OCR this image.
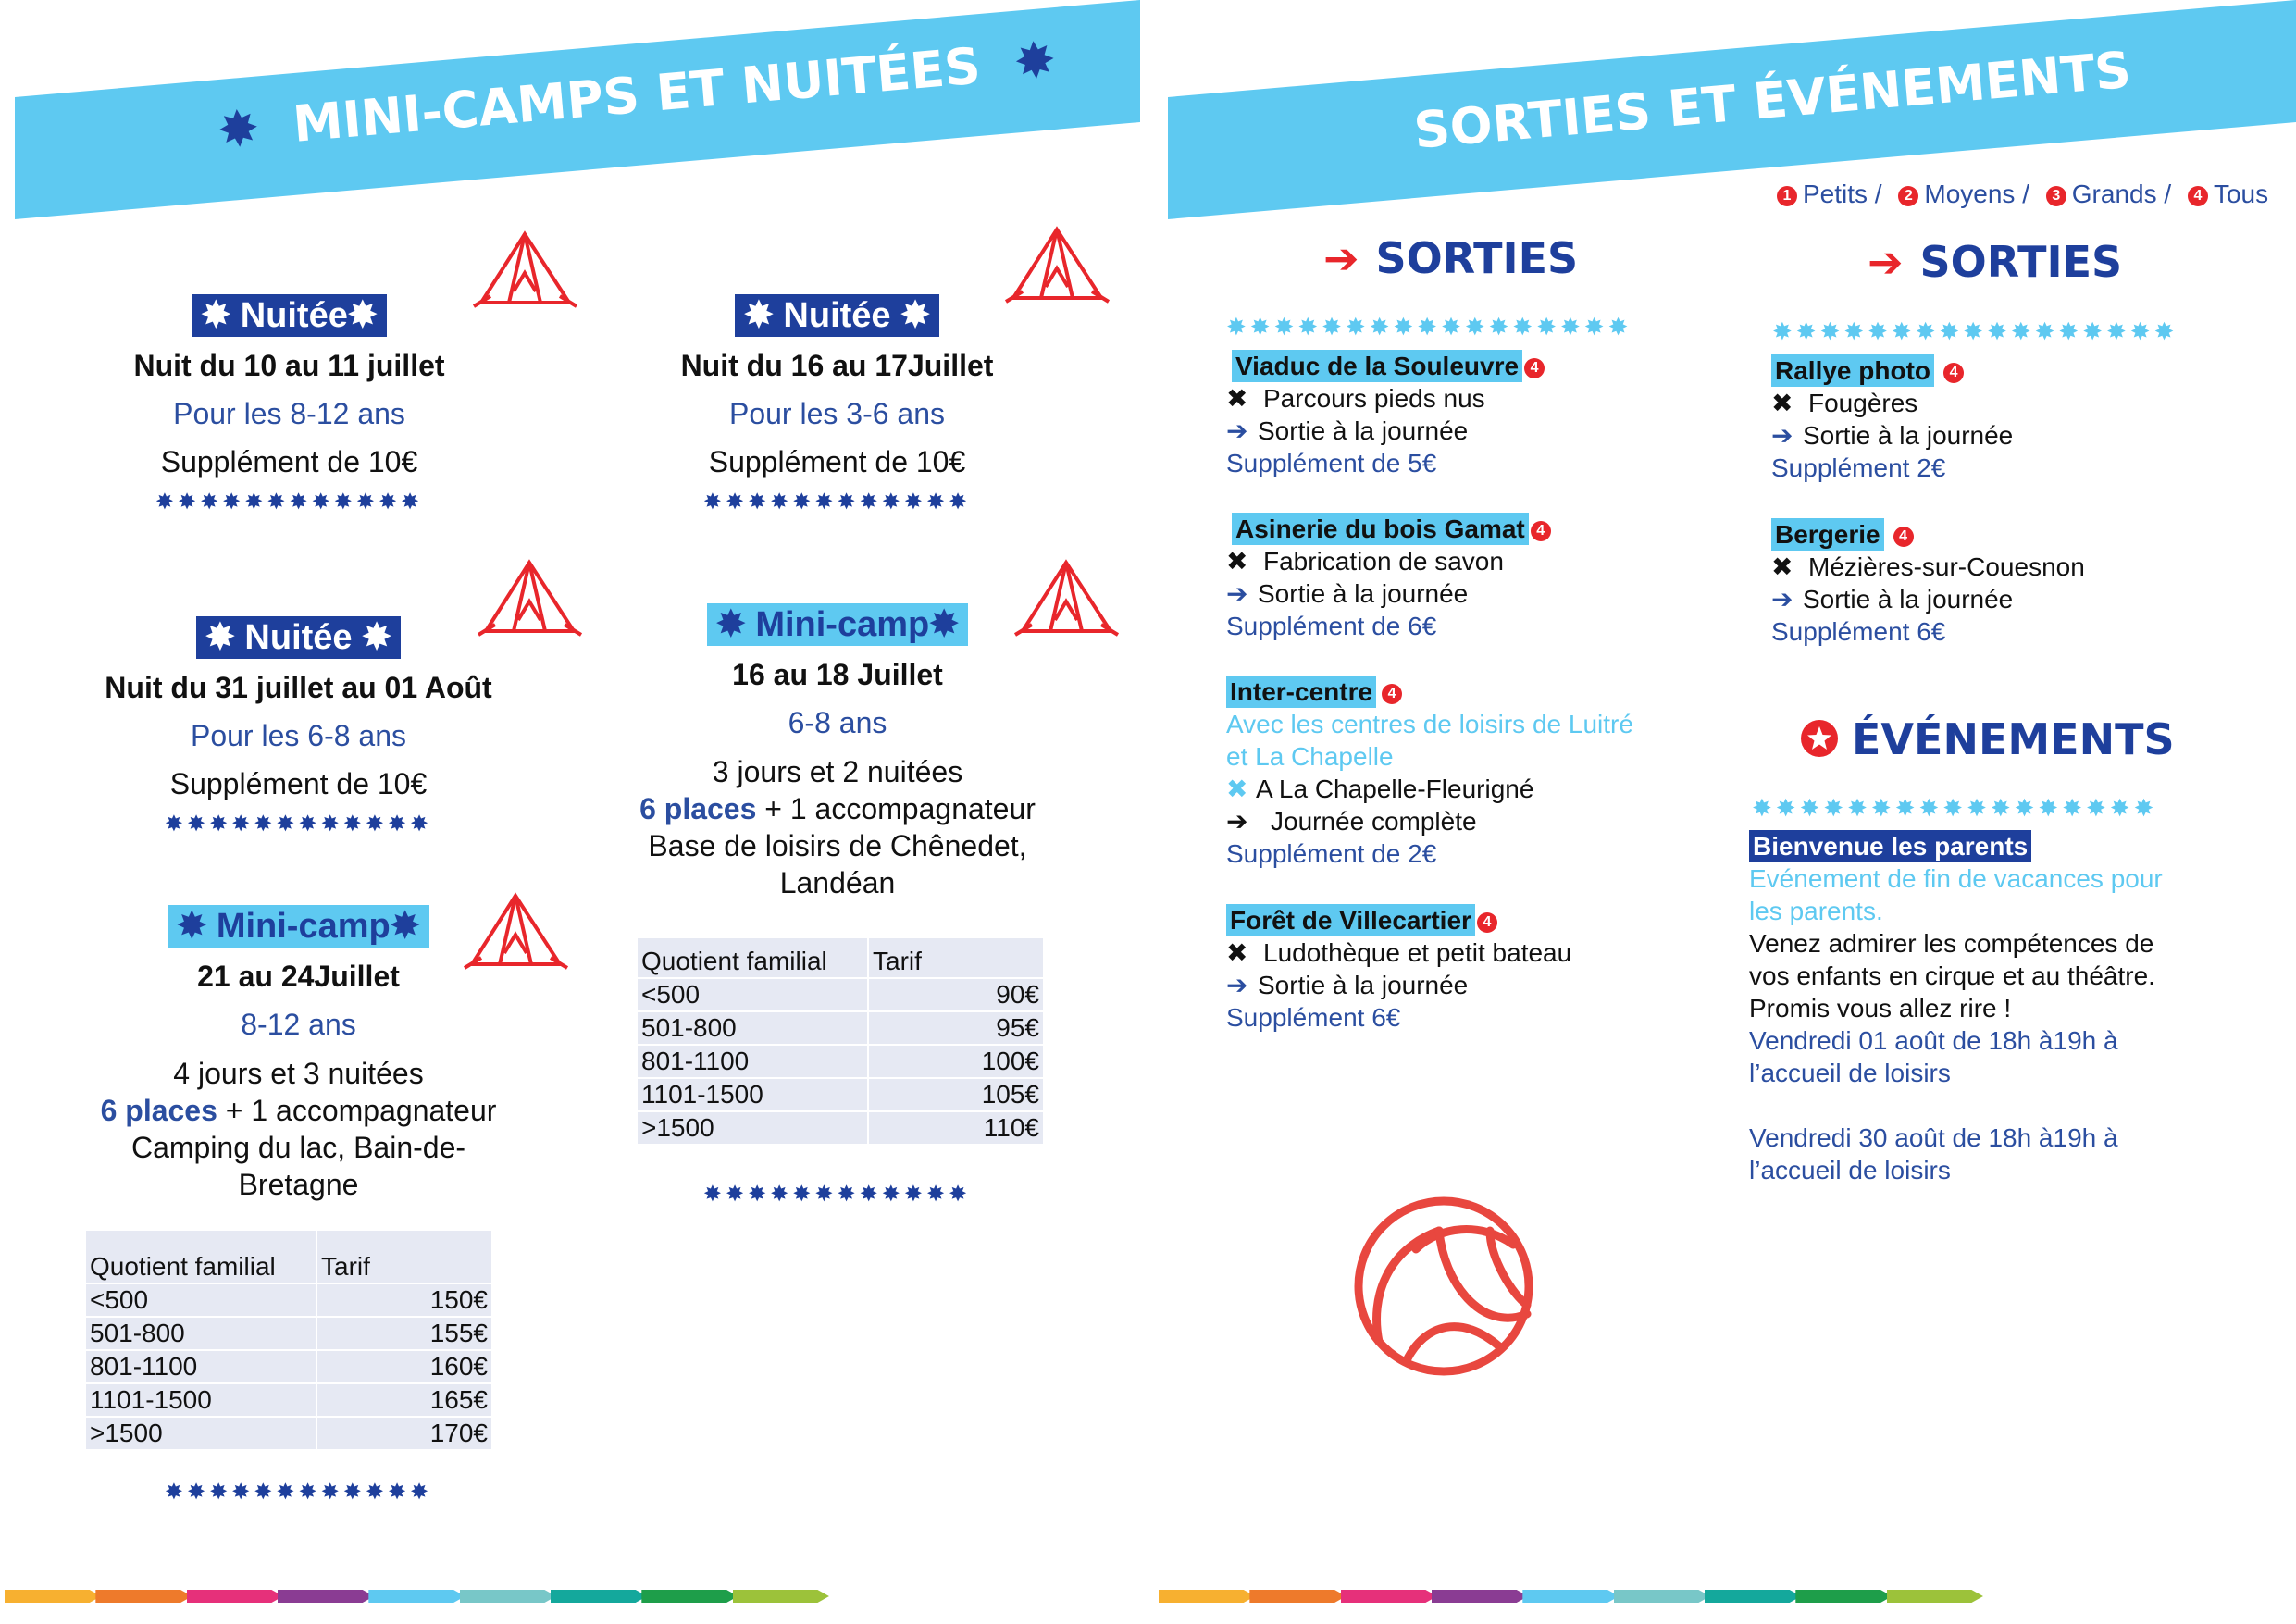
✸ MINI-CAMPS ET NUITÉES ✸
✸ Nuitée✸
Nuit du 10 au 11 juillet
Pour les 8-12 ans
Supplément de 10€
✸✸✸✸✸✸✸✸✸✸✸✸
✸ Nuitée ✸
Nuit du 16 au 17Juillet
Pour les 3-6 ans
Supplément de 10€
✸✸✸✸✸✸✸✸✸✸✸✸
✸ Nuitée ✸
Nuit du 31 juillet au 01 Août
Pour les 6-8 ans
Supplément de 10€
✸✸✸✸✸✸✸✸✸✸✸✸
✸ Mini-camp✸
21 au 24Juillet
8-12 ans
4 jours et 3 nuitées
6 places + 1 accompagnateur
Camping du lac, Bain-de-
Bretagne
Quotient familial	Tarif
<500	150€
501-800	155€
801-1100	160€
1101-1500	165€
>1500	170€
✸✸✸✸✸✸✸✸✸✸✸✸
✸ Mini-camp✸
16 au 18 Juillet
6-8 ans
3 jours et 2 nuitées
6 places + 1 accompagnateur
Base de loisirs de Chênedet,
Landéan
Quotient familial	Tarif
<500	90€
501-800	95€
801-1100	100€
1101-1500	105€
>1500	110€
✸✸✸✸✸✸✸✸✸✸✸✸
SORTIES ET ÉVÉNEMENTS
1 Petits / 2 Moyens / 3 Grands / 4 Tous
➔ SORTIES
✸✸✸✸✸✸✸✸✸✸✸✸✸✸✸✸✸
➔ SORTIES
✸✸✸✸✸✸✸✸✸✸✸✸✸✸✸✸✸
Viaduc de la Souleuvre 4
✖ Parcours pieds nus
➔ Sortie à la journée
Supplément de 5€
Asinerie du bois Gamat 4
✖ Fabrication de savon
➔ Sortie à la journée
Supplément de 6€
Inter-centre 4
Avec les centres de loisirs de Luitré
et La Chapelle
✖ A La Chapelle-Fleurigné
➔ Journée complète
Supplément de 2€
Forêt de Villecartier 4
✖ Ludothèque et petit bateau
➔ Sortie à la journée
Supplément 6€
Rallye photo 4
✖ Fougères
➔ Sortie à la journée
Supplément 2€
Bergerie 4
✖ Mézières-sur-Couesnon
➔ Sortie à la journée
Supplément 6€
ÉVÉNEMENTS
✸✸✸✸✸✸✸✸✸✸✸✸✸✸✸✸✸
Bienvenue les parents
Evénement de fin de vacances pour
les parents.
Venez admirer les compétences de
vos enfants en cirque et au théâtre.
Promis vous allez rire !
Vendredi 01 août de 18h à19h à
l’accueil de loisirs
Vendredi 30 août de 18h à19h à
l’accueil de loisirs
